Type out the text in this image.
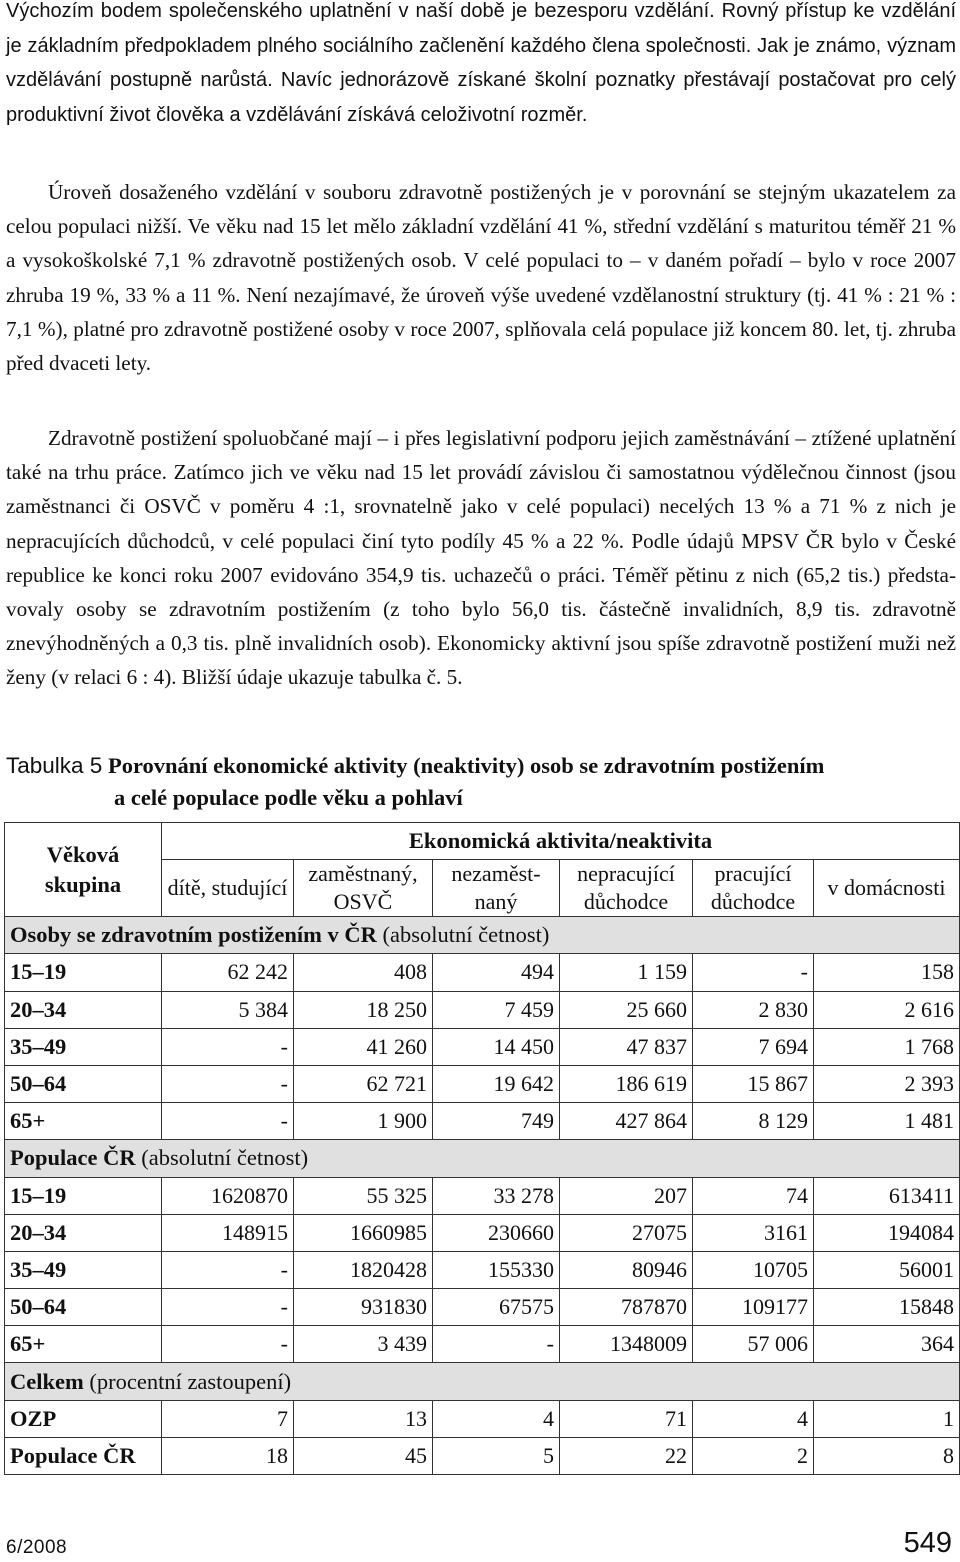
Výchozím bodem společenského uplatnění v naší době je bezesporu vzdělání. Rovný přístup ke vzdělání je základním předpokladem plného sociálního začlenění každého člena společnosti. Jak je známo, význam vzdělávání postupně narůstá. Navíc jednorázově získané školní poznatky přestávají postačovat pro celý produktivní život člověka a vzdělávání získává celoživotní rozměr.

Úroveň dosaženého vzdělání v souboru zdravotně postižených je v porovnání se stejným ukazatelem za celou populaci nižší. Ve věku nad 15 let mělo základní vzdělání 41 %, střední vzdělání s maturitou téměř 21 % a vysokoškolské 7,1 % zdravotně postižených osob. V celé populaci to – v daném pořadí – bylo v roce 2007 zhruba 19 %, 33 % a 11 %. Není nezajímavé, že úroveň výše uvedené vzdělanostní struktury (tj. 41 % : 21 % : 7,1 %), platné pro zdravotně postižené osoby v roce 2007, splňovala celá populace již koncem 80. let, tj. zhruba před dvaceti lety.

Zdravotně postižení spoluobčané mají – i přes legislativní podporu jejich zaměstnávání – ztížené uplatnění také na trhu práce. Zatímco jich ve věku nad 15 let provádí závislou či samostatnou výdělečnou činnost (jsou zaměstnanci či OSVČ v poměru 4 :1, srovnatelně jako v celé populaci) necelých 13 % a 71 % z nich je nepracujících důchodců, v celé populaci činí tyto podíly 45 % a 22 %. Podle údajů MPSV ČR bylo v České republice ke konci roku 2007 evidováno 354,9 tis. uchazečů o práci. Téměř pětinu z nich (65,2 tis.) představovaly osoby se zdravotním postižením (z toho bylo 56,0 tis. částečně invalidních, 8,9 tis. zdravotně znevýhodněných a 0,3 tis. plně invalidních osob). Ekonomicky aktivní jsou spíše zdravotně postižení muži než ženy (v relaci 6 : 4). Bližší údaje ukazuje tabulka č. 5.

Tabulka 5 Porovnání ekonomické aktivity (neaktivity) osob se zdravotním postižením
a celé populace podle věku a pohlaví
Věková skupina	Ekonomická aktivita/neaktivita					
	dítě, studující	zaměstnaný, OSVČ	nezaměst-naný	nepracující důchodce	pracující důchodce	v domácnosti
Osoby se zdravotním postižením v ČR (absolutní četnost)						
15–19	62 242	408	494	1 159	-	158
20–34	5 384	18 250	7 459	25 660	2 830	2 616
35–49	-	41 260	14 450	47 837	7 694	1 768
50–64	-	62 721	19 642	186 619	15 867	2 393
65+	-	1 900	749	427 864	8 129	1 481
Populace ČR (absolutní četnost)						
15–19	1620870	55 325	33 278	207	74	613411
20–34	148915	1660985	230660	27075	3161	194084
35–49	-	1820428	155330	80946	10705	56001
50–64	-	931830	67575	787870	109177	15848
65+	-	3 439	-	1348009	57 006	364
Celkem (procentní zastoupení)						
OZP	7	13	4	71	4	1
Populace ČR	18	45	5	22	2	8
6/2008	549
